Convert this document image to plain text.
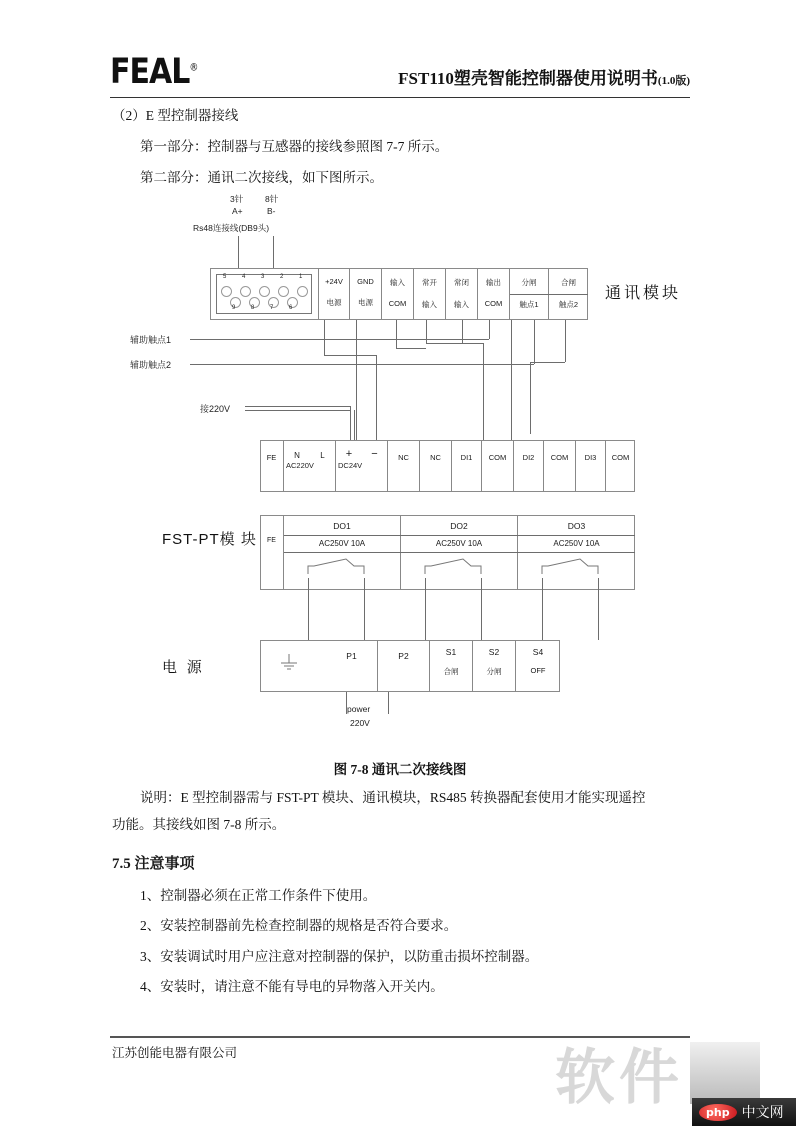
FEAL®
FST110塑壳智能控制器使用说明书(1.0版)
（2）E 型控制器接线
第一部分：控制器与互感器的接线参照图 7-7 所示。
第二部分：通讯二次接线，如下图所示。
3针	8针
A+	B-
Rs48连接线(DB9头)
5	4	3	2	1
9	8	7	6
+24V
电源
GND
电源
输入
COM
常开
输入
常闭
输入
输出
COM
分闸
触点1
合闸
触点2
通讯模块
辅助触点1
辅助触点2
接220V
FE	N	L
AC220V
+	−
DC24V
NC	NC	DI1	COM	DI2	COM	DI3	COM
FST-PT模 块	FE
DO1
AC250V 10A
DO2
AC250V 10A
DO3
AC250V 10A
电 源
P1	P2	S1
合闸
S2
分闸
S4
OFF
power
220V
图 7-8 通讯二次接线图
说明：E 型控制器需与 FST-PT 模块、通讯模块，RS485 转换器配套使用才能实现遥控
功能。其接线如图 7-8 所示。
7.5 注意事项
1、控制器必须在正常工作条件下使用。
2、安装控制器前先检查控制器的规格是否符合要求。
3、安装调试时用户应注意对控制器的保护，以防重击损坏控制器。
4、安装时，请注意不能有导电的异物落入开关内。
软件
江苏创能电器有限公司
php 中文网
